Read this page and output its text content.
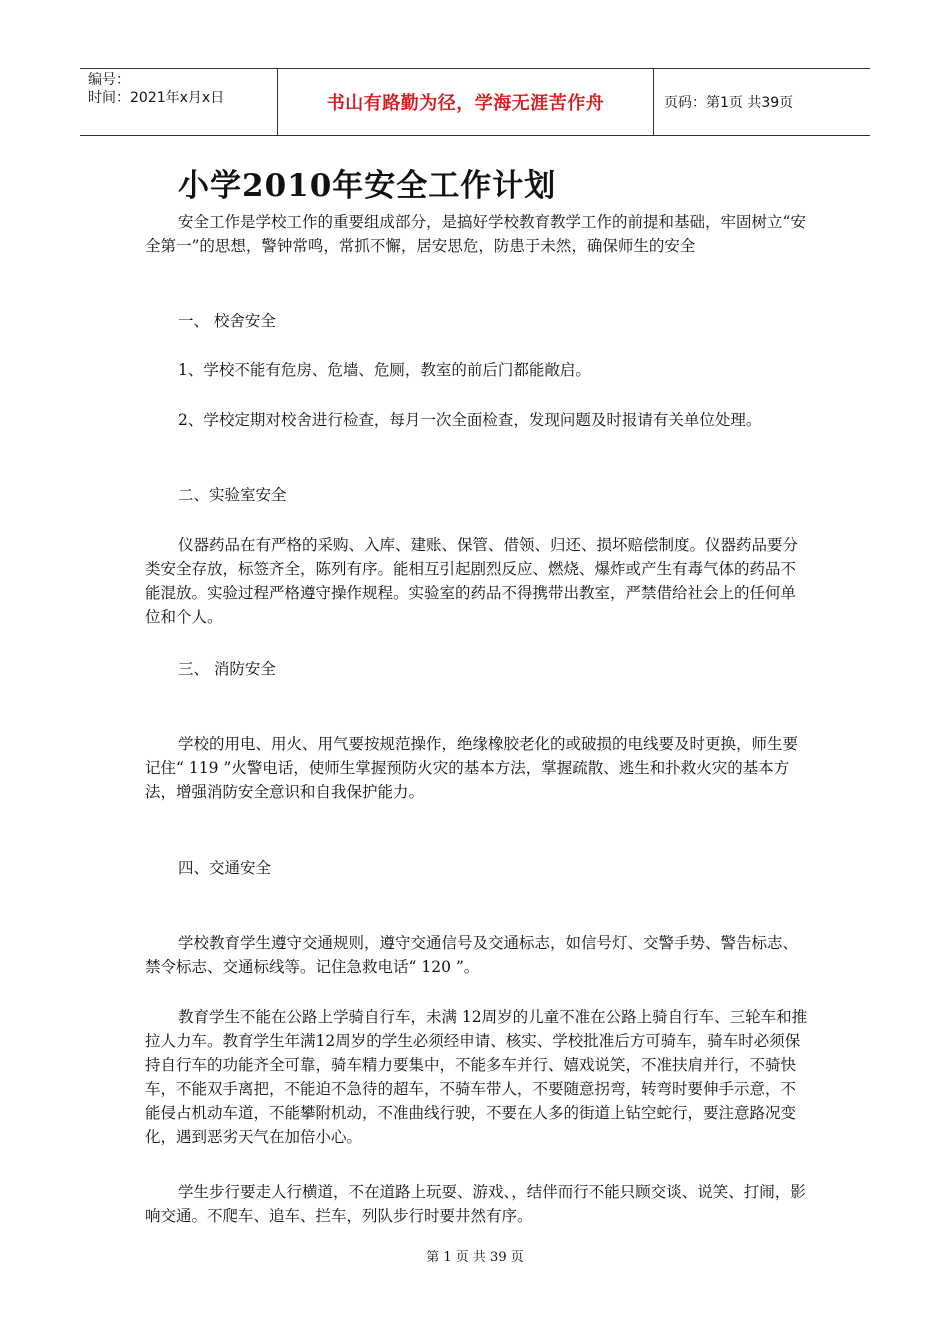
编号：
时间：2021年x月x日	书山有路勤为径，学海无涯苦作舟	页码：第1页 共39页
小学2010年安全工作计划

安全工作是学校工作的重要组成部分，是搞好学校教育教学工作的前提和基础，牢固树立“安全第一”的思想，警钟常鸣，常抓不懈，居安思危，防患于未然，确保师生的安全

一、 校舍安全
1、学校不能有危房、危墙、危厕，教室的前后门都能敞启。
2、学校定期对校舍进行检查，每月一次全面检查，发现问题及时报请有关单位处理。
二、实验室安全

仪器药品在有严格的采购、入库、建账、保管、借领、归还、损坏赔偿制度。仪器药品要分类安全存放，标签齐全，陈列有序。能相互引起剧烈反应、燃烧、爆炸或产生有毒气体的药品不能混放。实验过程严格遵守操作规程。实验室的药品不得携带出教室，严禁借给社会上的任何单位和个人。

三、 消防安全

学校的用电、用火、用气要按规范操作，绝缘橡胶老化的或破损的电线要及时更换，师生要记住“ 119 ”火警电话，使师生掌握预防火灾的基本方法，掌握疏散、逃生和扑救火灾的基本方法，增强消防安全意识和自我保护能力。

四、交通安全

学校教育学生遵守交通规则，遵守交通信号及交通标志，如信号灯、交警手势、警告标志、禁令标志、交通标线等。记住急救电话“ 120 ”。

教育学生不能在公路上学骑自行车，未满 12周岁的儿童不准在公路上骑自行车、三轮车和推拉人力车。教育学生年满12周岁的学生必须经申请、核实、学校批准后方可骑车，骑车时必须保持自行车的功能齐全可靠，骑车精力要集中，不能多车并行、嬉戏说笑，不准扶肩并行，不骑快车，不能双手离把，不能迫不急待的超车，不骑车带人，不要随意拐弯，转弯时要伸手示意，不能侵占机动车道，不能攀附机动，不准曲线行驶，不要在人多的街道上钻空蛇行，要注意路况变化，遇到恶劣天气在加倍小心。

学生步行要走人行横道，不在道路上玩耍、游戏、，结伴而行不能只顾交谈、说笑、打闹，影响交通。不爬车、追车、拦车，列队步行时要井然有序。

第 1 页 共 39 页
